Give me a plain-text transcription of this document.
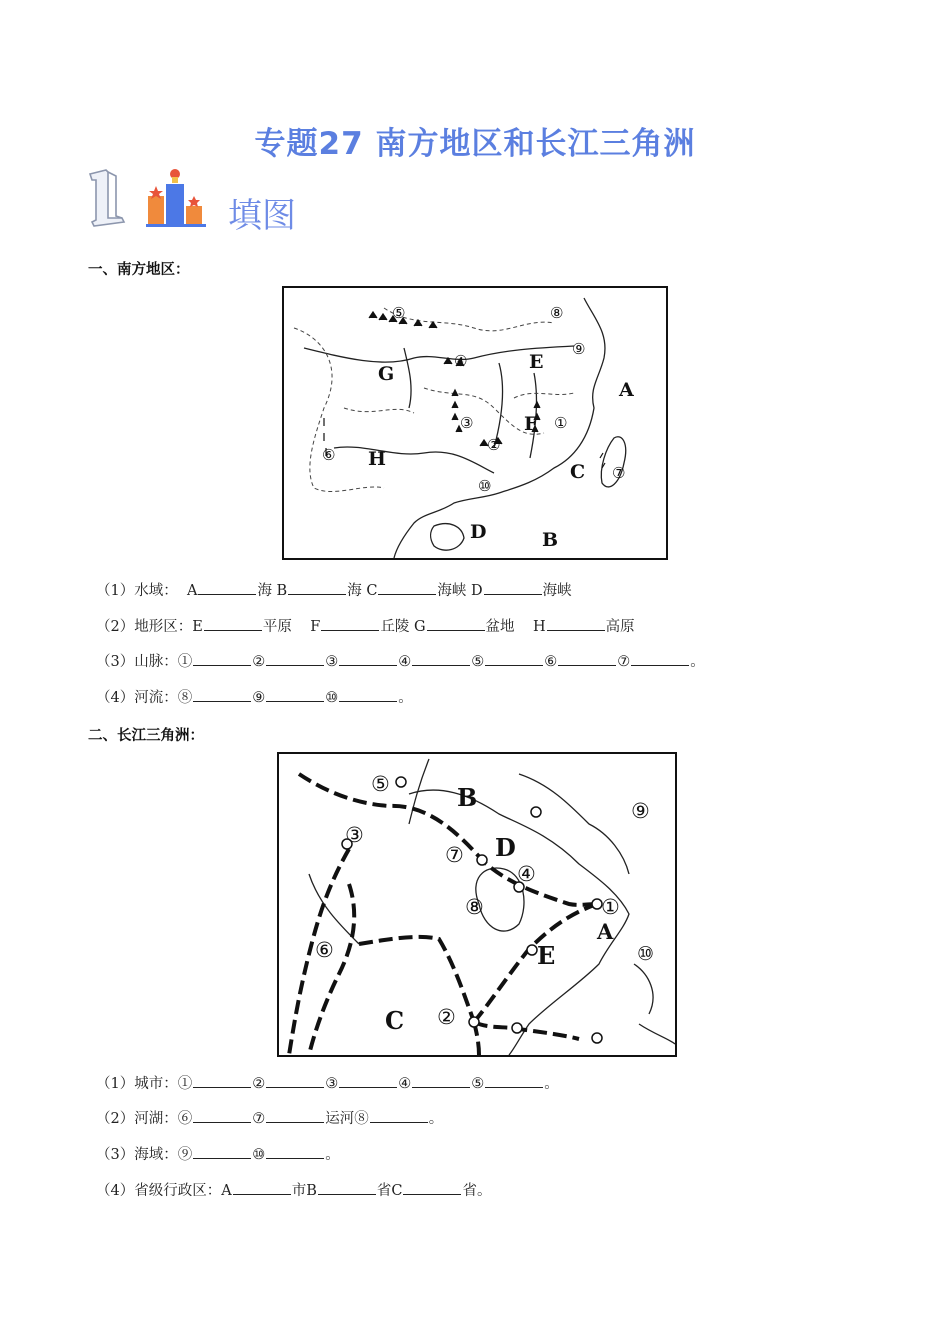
专题27 南方地区和长江三角洲
填图
一、南方地区：
A
B
C
D
E
F
G
H
①
②
③
④
⑤
⑥
⑦
⑧
⑨
⑩
（1）水域： A	海 B	海 C	海峡 D	海峡
（2）地形区：E	平原 F	丘陵 G	盆地 H	高原
（3）山脉：①	②	③	④	⑤	⑥	⑦	。
（4）河流：⑧	⑨	⑩	。
二、长江三角洲：
A
B
C
D
E
①
②
③
④
⑤
⑥
⑦
⑧
⑨
⑩
（1）城市：①	②	③	④	⑤	。
（2）河湖：⑥	⑦	运河⑧	。
（3）海域：⑨	⑩	。
（4）省级行政区：A	市B	省C	省。
